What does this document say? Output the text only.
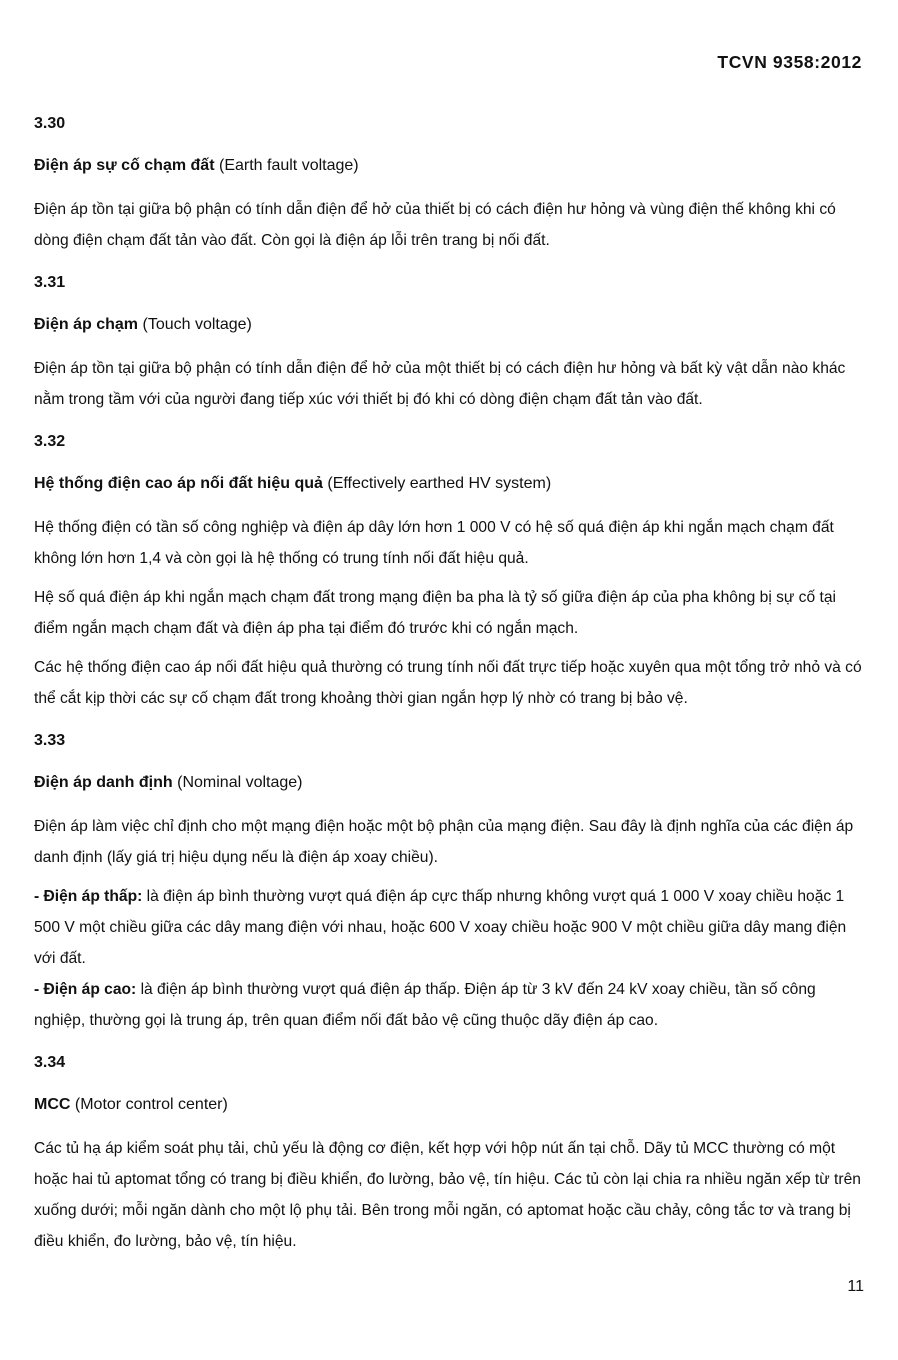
TCVN 9358:2012
3.30
Điện áp sự cố chạm đất (Earth fault voltage)

Điện áp tồn tại giữa bộ phận có tính dẫn điện để hở của thiết bị có cách điện hư hỏng và vùng điện thế không khi có dòng điện chạm đất tản vào đất. Còn gọi là điện áp lỗi trên trang bị nối đất.

3.31
Điện áp chạm (Touch voltage)

Điện áp tồn tại giữa bộ phận có tính dẫn điện để hở của một thiết bị có cách điện hư hỏng và bất kỳ vật dẫn nào khác nằm trong tầm với của người đang tiếp xúc với thiết bị đó khi có dòng điện chạm đất tản vào đất.

3.32
Hệ thống điện cao áp nối đất hiệu quả (Effectively earthed HV system)

Hệ thống điện có tần số công nghiệp và điện áp dây lớn hơn 1 000 V có hệ số quá điện áp khi ngắn mạch chạm đất không lớn hơn 1,4 và còn gọi là hệ thống có trung tính nối đất hiệu quả.

Hệ số quá điện áp khi ngắn mạch chạm đất trong mạng điện ba pha là tỷ số giữa điện áp của pha không bị sự cố tại điểm ngắn mạch chạm đất và điện áp pha tại điểm đó trước khi có ngắn mạch.

Các hệ thống điện cao áp nối đất hiệu quả thường có trung tính nối đất trực tiếp hoặc xuyên qua một tổng trở nhỏ và có thể cắt kịp thời các sự cố chạm đất trong khoảng thời gian ngắn hợp lý nhờ có trang bị bảo vệ.

3.33
Điện áp danh định (Nominal voltage)

Điện áp làm việc chỉ định cho một mạng điện hoặc một bộ phận của mạng điện. Sau đây là định nghĩa của các điện áp danh định (lấy giá trị hiệu dụng nếu là điện áp xoay chiều).

- Điện áp thấp: là điện áp bình thường vượt quá điện áp cực thấp nhưng không vượt quá 1 000 V xoay chiều hoặc 1 500 V một chiều giữa các dây mang điện với nhau, hoặc 600 V xoay chiều hoặc 900 V một chiều giữa dây mang điện với đất.

- Điện áp cao: là điện áp bình thường vượt quá điện áp thấp. Điện áp từ 3 kV đến 24 kV xoay chiều, tần số công nghiệp, thường gọi là trung áp, trên quan điểm nối đất bảo vệ cũng thuộc dãy điện áp cao.

3.34
MCC (Motor control center)

Các tủ hạ áp kiểm soát phụ tải, chủ yếu là động cơ điện, kết hợp với hộp nút ấn tại chỗ. Dãy tủ MCC thường có một hoặc hai tủ aptomat tổng có trang bị điều khiển, đo lường, bảo vệ, tín hiệu. Các tủ còn lại chia ra nhiều ngăn xếp từ trên xuống dưới; mỗi ngăn dành cho một lộ phụ tải. Bên trong mỗi ngăn, có aptomat hoặc cầu chảy, công tắc tơ và trang bị điều khiển, đo lường, bảo vệ, tín hiệu.

11
